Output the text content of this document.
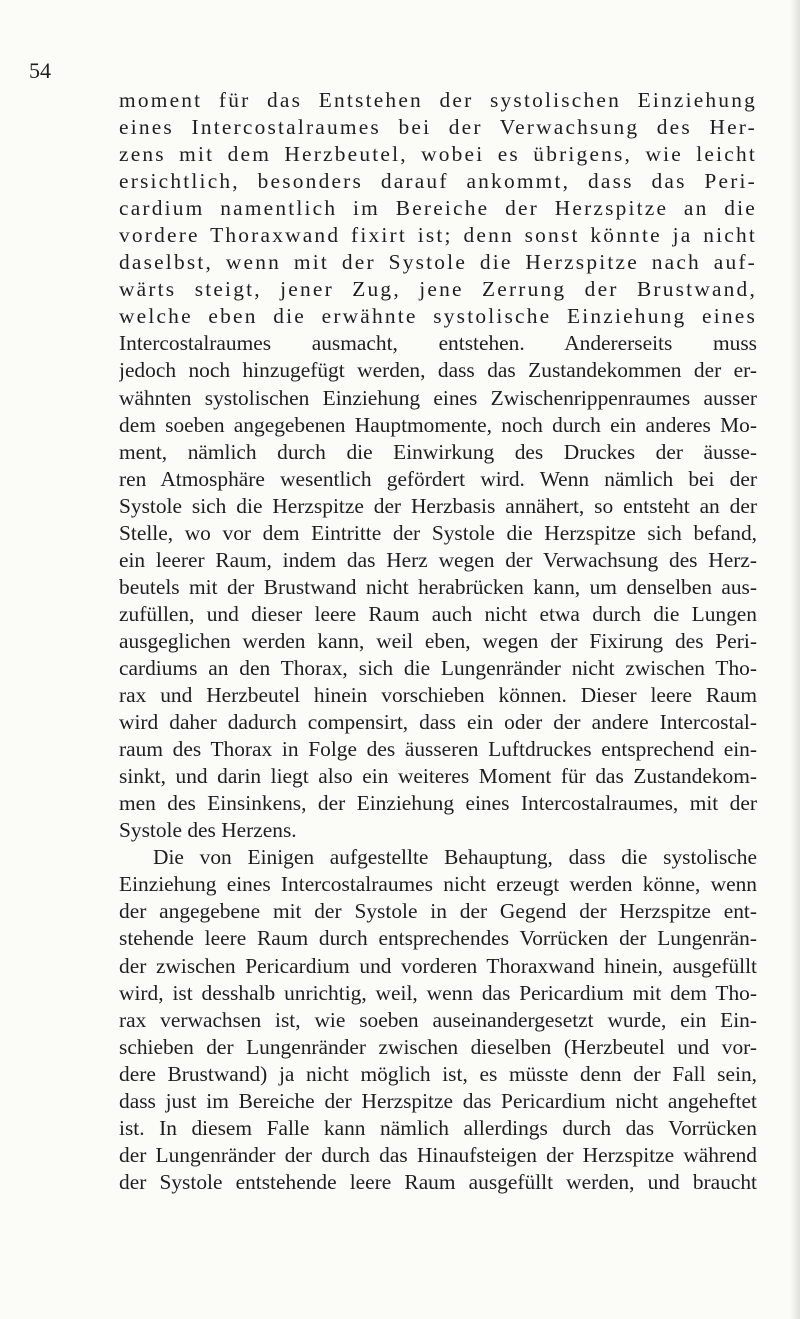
54
moment für das Entstehen der systolischen Einziehung
eines Intercostalraumes bei der Verwachsung des Her-
zens mit dem Herzbeutel, wobei es übrigens, wie leicht
ersichtlich, besonders darauf ankommt, dass das Peri-
cardium namentlich im Bereiche der Herzspitze an die
vordere Thoraxwand fixirt ist; denn sonst könnte ja nicht
daselbst, wenn mit der Systole die Herzspitze nach auf-
wärts steigt, jener Zug, jene Zerrung der Brustwand,
welche eben die erwähnte systolische Einziehung eines
Intercostalraumes ausmacht, entstehen. Andererseits muss
jedoch noch hinzugefügt werden, dass das Zustandekommen der er-
wähnten systolischen Einziehung eines Zwischenrippenraumes ausser
dem soeben angegebenen Hauptmomente, noch durch ein anderes Mo-
ment, nämlich durch die Einwirkung des Druckes der äusse-
ren Atmosphäre wesentlich gefördert wird. Wenn nämlich bei der
Systole sich die Herzspitze der Herzbasis annähert, so entsteht an der
Stelle, wo vor dem Eintritte der Systole die Herzspitze sich befand,
ein leerer Raum, indem das Herz wegen der Verwachsung des Herz-
beutels mit der Brustwand nicht herabrücken kann, um denselben aus-
zufüllen, und dieser leere Raum auch nicht etwa durch die Lungen
ausgeglichen werden kann, weil eben, wegen der Fixirung des Peri-
cardiums an den Thorax, sich die Lungenränder nicht zwischen Tho-
rax und Herzbeutel hinein vorschieben können. Dieser leere Raum
wird daher dadurch compensirt, dass ein oder der andere Intercostal-
raum des Thorax in Folge des äusseren Luftdruckes entsprechend ein-
sinkt, und darin liegt also ein weiteres Moment für das Zustandekom-
men des Einsinkens, der Einziehung eines Intercostalraumes, mit der
Systole des Herzens.
Die von Einigen aufgestellte Behauptung, dass die systolische
Einziehung eines Intercostalraumes nicht erzeugt werden könne, wenn
der angegebene mit der Systole in der Gegend der Herzspitze ent-
stehende leere Raum durch entsprechendes Vorrücken der Lungenrän-
der zwischen Pericardium und vorderen Thoraxwand hinein, ausgefüllt
wird, ist desshalb unrichtig, weil, wenn das Pericardium mit dem Tho-
rax verwachsen ist, wie soeben auseinandergesetzt wurde, ein Ein-
schieben der Lungenränder zwischen dieselben (Herzbeutel und vor-
dere Brustwand) ja nicht möglich ist, es müsste denn der Fall sein,
dass just im Bereiche der Herzspitze das Pericardium nicht angeheftet
ist. In diesem Falle kann nämlich allerdings durch das Vorrücken
der Lungenränder der durch das Hinaufsteigen der Herzspitze während
der Systole entstehende leere Raum ausgefüllt werden, und braucht
